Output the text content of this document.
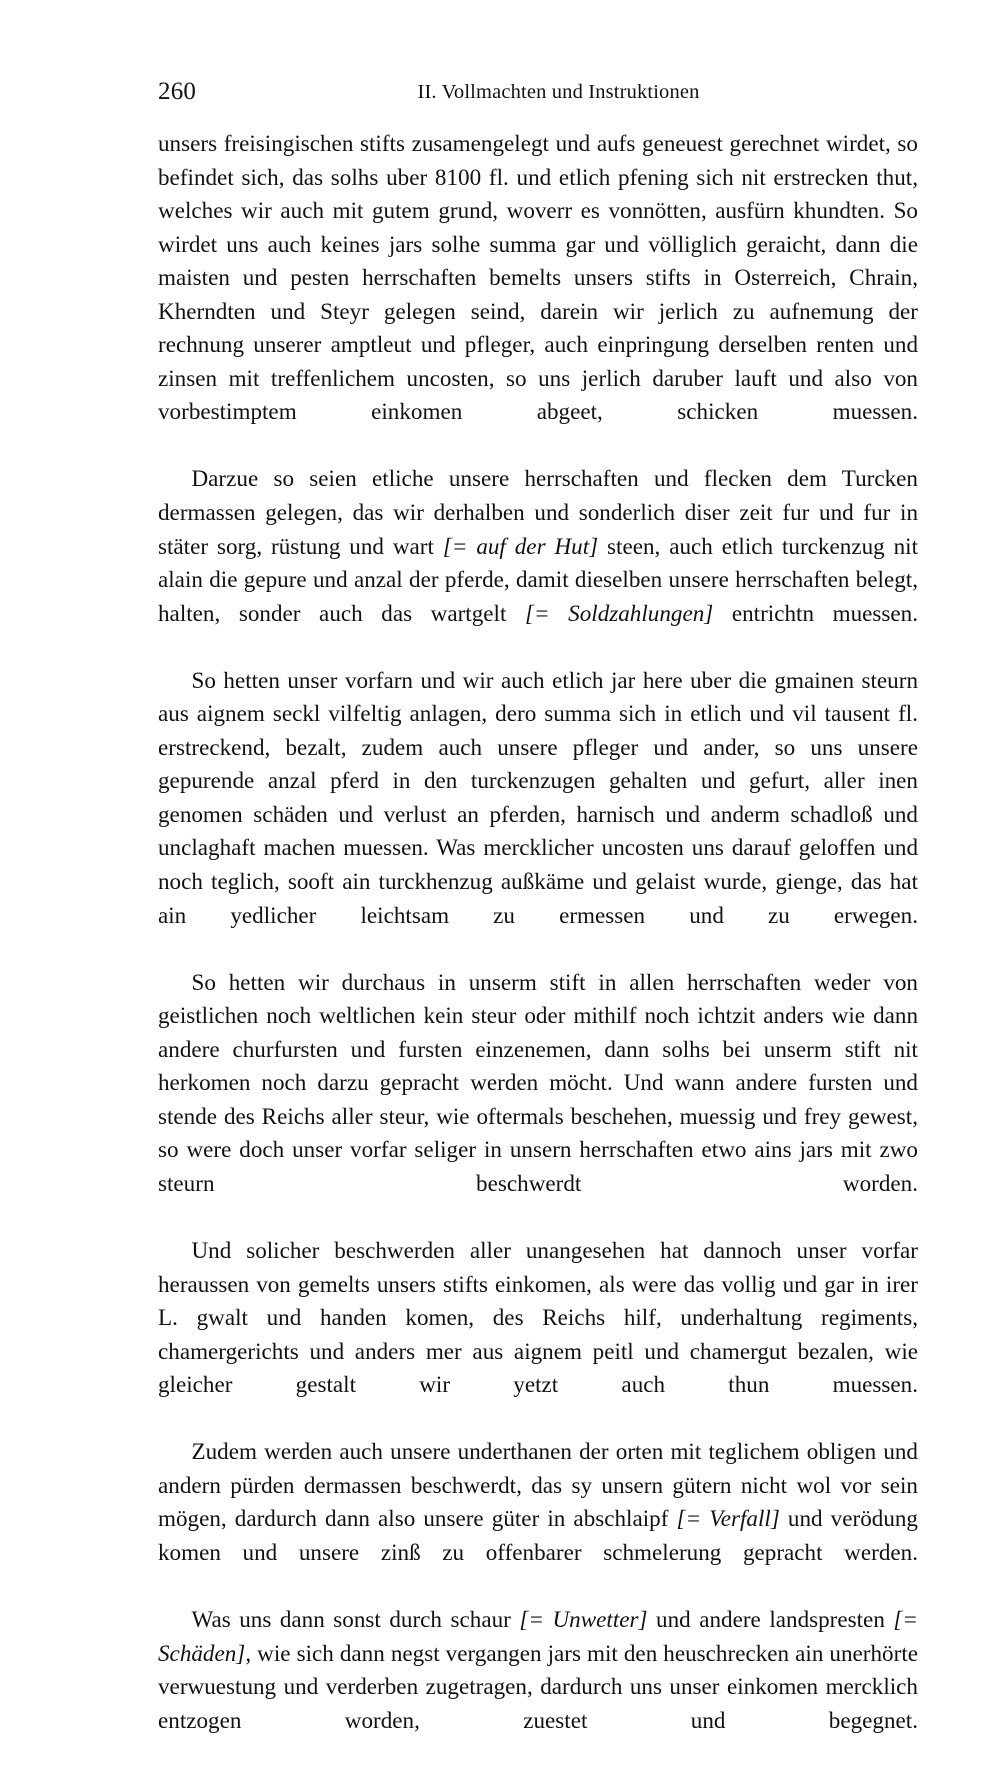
260	II. Vollmachten und Instruktionen

unsers freisingischen stifts zusamengelegt und aufs geneuest gerechnet wirdet, so befindet sich, das solhs uber 8100 fl. und etlich pfening sich nit erstrecken thut, welches wir auch mit gutem grund, woverr es vonnötten, ausfürn khundten. So wirdet uns auch keines jars solhe summa gar und völliglich geraicht, dann die maisten und pesten herrschaften bemelts unsers stifts in Osterreich, Chrain, Kherndten und Steyr gelegen seind, darein wir jerlich zu aufnemung der rechnung unserer amptleut und pfleger, auch einpringung derselben renten und zinsen mit treffenlichem uncosten, so uns jerlich daruber lauft und also von vorbestimptem einkomen abgeet, schicken muessen.

Darzue so seien etliche unsere herrschaften und flecken dem Turcken dermassen gelegen, das wir derhalben und sonderlich diser zeit fur und fur in stäter sorg, rüstung und wart [= auf der Hut] steen, auch etlich turckenzug nit alain die gepure und anzal der pferde, damit dieselben unsere herrschaften belegt, halten, sonder auch das wartgelt [= Soldzahlungen] entrichtn muessen.

So hetten unser vorfarn und wir auch etlich jar here uber die gmainen steurn aus aignem seckl vilfeltig anlagen, dero summa sich in etlich und vil tausent fl. erstreckend, bezalt, zudem auch unsere pfleger und ander, so uns unsere gepurende anzal pferd in den turckenzugen gehalten und gefurt, aller inen genomen schäden und verlust an pferden, harnisch und anderm schadloß und unclaghaft machen muessen. Was mercklicher uncosten uns darauf geloffen und noch teglich, sooft ain turckhenzug außkäme und gelaist wurde, gienge, das hat ain yedlicher leichtsam zu ermessen und zu erwegen.

So hetten wir durchaus in unserm stift in allen herrschaften weder von geistlichen noch weltlichen kein steur oder mithilf noch ichtzit anders wie dann andere churfursten und fursten einzenemen, dann solhs bei unserm stift nit herkomen noch darzu gepracht werden möcht. Und wann andere fursten und stende des Reichs aller steur, wie oftermals beschehen, muessig und frey gewest, so were doch unser vorfar seliger in unsern herrschaften etwo ains jars mit zwo steurn beschwerdt worden.

Und solicher beschwerden aller unangesehen hat dannoch unser vorfar heraussen von gemelts unsers stifts einkomen, als were das vollig und gar in irer L. gwalt und handen komen, des Reichs hilf, underhaltung regiments, chamergerichts und anders mer aus aignem peitl und chamergut bezalen, wie gleicher gestalt wir yetzt auch thun muessen.

Zudem werden auch unsere underthanen der orten mit teglichem obligen und andern pürden dermassen beschwerdt, das sy unsern gütern nicht wol vor sein mögen, dardurch dann also unsere güter in abschlaipf [= Verfall] und verödung komen und unsere zinß zu offenbarer schmelerung gepracht werden.

Was uns dann sonst durch schaur [= Unwetter] und andere landspresten [= Schäden], wie sich dann negst vergangen jars mit den heuschrecken ain unerhörte verwuestung und verderben zugetragen, dardurch uns unser einkomen mercklich entzogen worden, zuestet und begegnet.
